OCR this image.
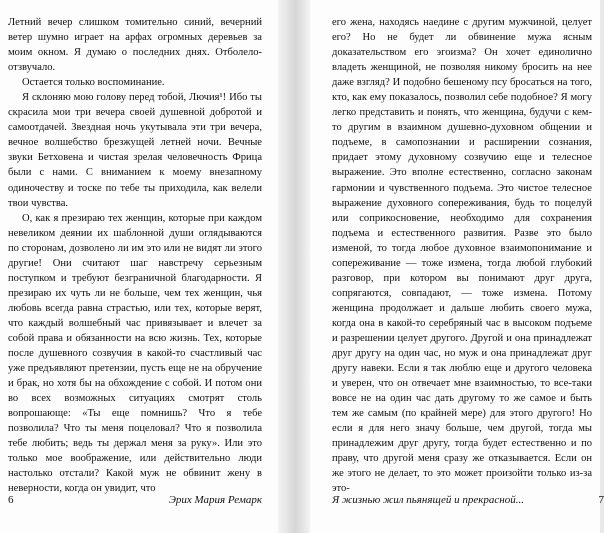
Летний вечер слишком томительно синий, вечерний ветер шумно играет на арфах огромных деревьев за моим окном. Я думаю о последних днях. Отболело-отзвучало.

Остается только воспоминание.

Я склоняю мою голову перед тобой, Лючия¹! Ибо ты скрасила мои три вечера своей душевной добротой и самоотдачей. Звездная ночь укутывала эти три вечера, вечное волшебство брезжущей летней ночи. Вечные звуки Бетховена и чистая зрелая человечность Фрица были с нами. С вниманием к моему внезапному одиночеству и тоске по тебе ты приходила, как велели твои чувства.

О, как я презираю тех женщин, которые при каждом невеликом деянии их шаблонной души оглядываются по сторонам, дозволено ли им это или не видят ли этого другие! Они считают шаг навстречу серьезным поступком и требуют безграничной благодарности. Я презираю их чуть ли не больше, чем тех женщин, чья любовь всегда равна страстью, или тех, которые верят, что каждый волшебный час привязывает и влечет за собой права и обязанности на всю жизнь. Тех, которые после душевного созвучия в какой-то счастливый час уже предъявляют претензии, пусть еще не на обручение и брак, но хотя бы на обхождение с собой. И потом они во всех возможных ситуациях смотрят столь вопрошающе: «Ты еще помнишь? Что я тебе позволила? Что ты меня поцеловал? Что я позволила тебе любить; ведь ты держал меня за руку». Или это только мое воображение, или действительно люди настолько отстали? Какой муж не обвинит жену в неверности, когда он увидит, что

6	Эрих Мария Ремарк

его жена, находясь наедине с другим мужчиной, целует его? Но не будет ли обвинение мужа ясным доказательством его эгоизма? Он хочет единолично владеть женщиной, не позволяя никому бросить на нее даже взгляд? И подобно бешеному псу бросаться на того, кто, как ему показалось, позволил себе подобное? Я могу легко представить и понять, что женщина, будучи с кем-то другим в взаимном душевно-духовном общении и подъеме, в самопознании и расширении сознания, придает этому духовному созвучию еще и телесное выражение. Это вполне естественно, согласно законам гармонии и чувственного подъема. Это чистое телесное выражение духовного сопереживания, будь то поцелуй или соприкосновение, необходимо для сохранения подъема и естественного развития. Разве это было изменой, то тогда любое духовное взаимопонимание и сопереживание — тоже измена, тогда любой глубокий разговор, при котором вы понимают друг друга, сопрягаются, совпадают, — тоже измена. Потому женщина продолжает и дальше любить своего мужа, когда она в какой-то серебряный час в высоком подъеме и разрешении целует другого. Другой и она принадлежат друг другу на один час, но муж и она принадлежат друг другу навеки. Если я так люблю еще и другого человека и уверен, что он отвечает мне взаимностью, то все-таки вовсе не на один час дать другому то же самое и быть тем же самым (по крайней мере) для этого другого! Но если я для него значу больше, чем другой, тогда мы принадлежим друг другу, тогда будет естественно и по праву, что другой меня сразу же отказывается. Если он же этого не делает, то это может произойти только из-за это-

Я жизнью жил пьянящей и прекрасной...	7
